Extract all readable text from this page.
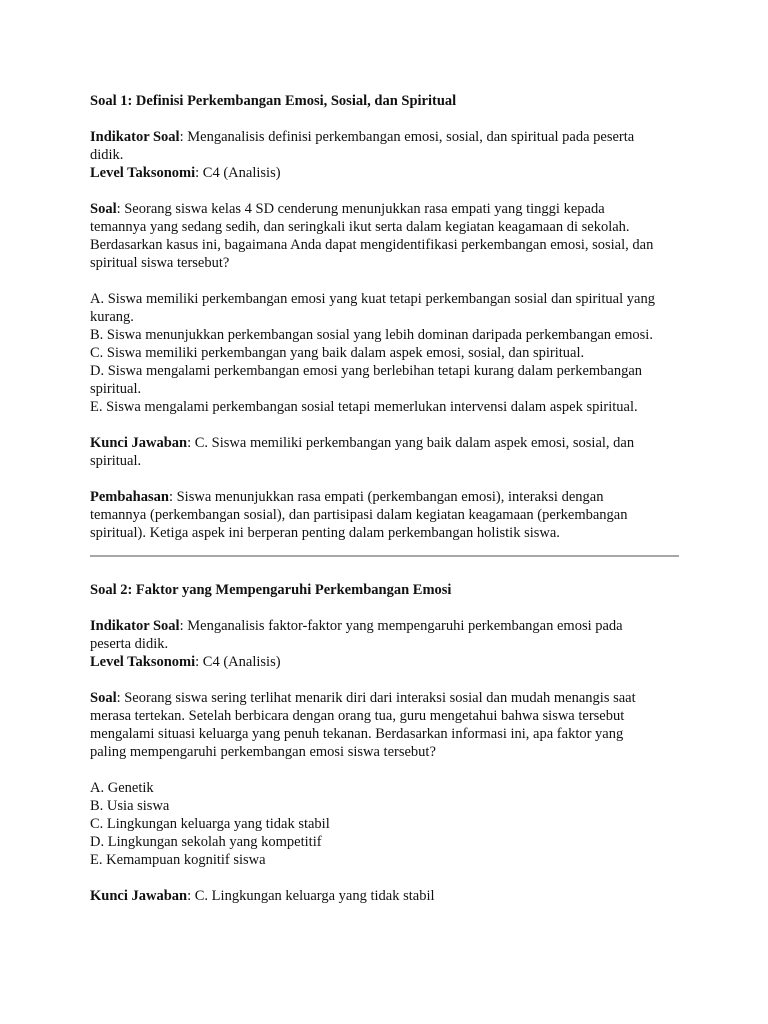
Soal 1: Definisi Perkembangan Emosi, Sosial, dan Spiritual
Indikator Soal: Menganalisis definisi perkembangan emosi, sosial, dan spiritual pada peserta
didik.
Level Taksonomi: C4 (Analisis)
Soal: Seorang siswa kelas 4 SD cenderung menunjukkan rasa empati yang tinggi kepada
temannya yang sedang sedih, dan seringkali ikut serta dalam kegiatan keagamaan di sekolah.
Berdasarkan kasus ini, bagaimana Anda dapat mengidentifikasi perkembangan emosi, sosial, dan
spiritual siswa tersebut?
A. Siswa memiliki perkembangan emosi yang kuat tetapi perkembangan sosial dan spiritual yang
kurang.
B. Siswa menunjukkan perkembangan sosial yang lebih dominan daripada perkembangan emosi.
C. Siswa memiliki perkembangan yang baik dalam aspek emosi, sosial, dan spiritual.
D. Siswa mengalami perkembangan emosi yang berlebihan tetapi kurang dalam perkembangan
spiritual.
E. Siswa mengalami perkembangan sosial tetapi memerlukan intervensi dalam aspek spiritual.
Kunci Jawaban: C. Siswa memiliki perkembangan yang baik dalam aspek emosi, sosial, dan
spiritual.
Pembahasan: Siswa menunjukkan rasa empati (perkembangan emosi), interaksi dengan
temannya (perkembangan sosial), dan partisipasi dalam kegiatan keagamaan (perkembangan
spiritual). Ketiga aspek ini berperan penting dalam perkembangan holistik siswa.
Soal 2: Faktor yang Mempengaruhi Perkembangan Emosi
Indikator Soal: Menganalisis faktor-faktor yang mempengaruhi perkembangan emosi pada
peserta didik.
Level Taksonomi: C4 (Analisis)
Soal: Seorang siswa sering terlihat menarik diri dari interaksi sosial dan mudah menangis saat
merasa tertekan. Setelah berbicara dengan orang tua, guru mengetahui bahwa siswa tersebut
mengalami situasi keluarga yang penuh tekanan. Berdasarkan informasi ini, apa faktor yang
paling mempengaruhi perkembangan emosi siswa tersebut?
A. Genetik
B. Usia siswa
C. Lingkungan keluarga yang tidak stabil
D. Lingkungan sekolah yang kompetitif
E. Kemampuan kognitif siswa
Kunci Jawaban: C. Lingkungan keluarga yang tidak stabil
